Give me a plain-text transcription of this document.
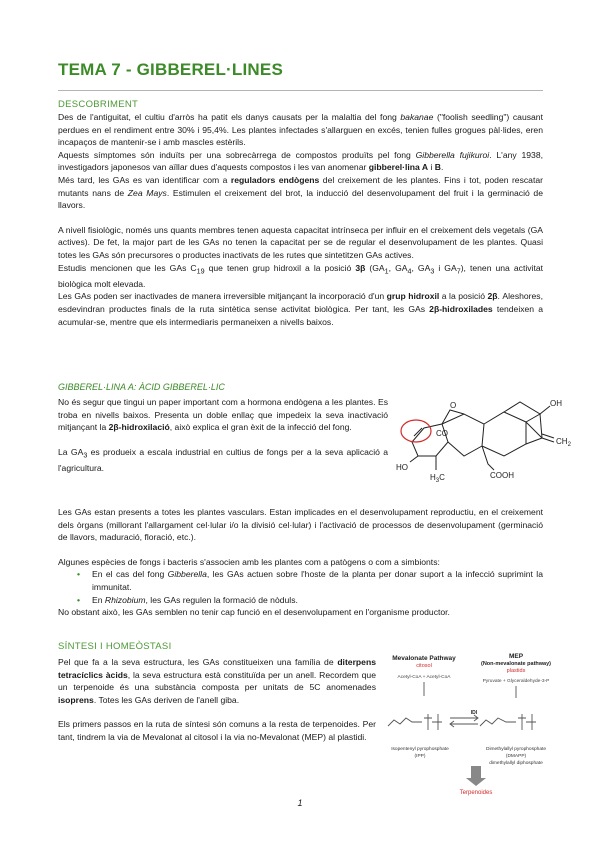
TEMA 7 - GIBBEREL·LINES
DESCOBRIMENT

Des de l'antiguitat, el cultiu d'arròs ha patit els danys causats per la malaltia del fong bakanae ("foolish seedling") causant perdues en el rendiment entre 30% i 95,4%. Les plantes infectades s'allarguen en excés, tenien fulles grogues pàl·lides, eren incapaços de mantenir-se i amb mascles estèrils.

Aquests símptomes són induïts per una sobrecàrrega de compostos produïts pel fong Gibberella fujikuroi. L'any 1938, investigadors japonesos van aïllar dues d'aquests compostos i les van anomenar gibberel·lina A i B.

Més tard, les GAs es van identificar com a reguladors endògens del creixement de les plantes. Fins i tot, poden rescatar mutants nans de Zea Mays. Estimulen el creixement del brot, la inducció del desenvolupament del fruit i la germinació de llavors.

A nivell fisiològic, només uns quants membres tenen aquesta capacitat intrínseca per influir en el creixement dels vegetals (GA actives). De fet, la major part de les GAs no tenen la capacitat per se de regular el desenvolupament de les plantes. Quasi totes les GAs són precursores o productes inactivats de les rutes que sintetitzen GAs actives.

Estudis mencionen que les GAs $C_{19}$ que tenen grup hidroxil a la posició 3β ($GA_1$, $GA_4$, $GA_3$ i $GA_7$), tenen una activitat biològica molt elevada.

Les GAs poden ser inactivades de manera irreversible mitjançant la incorporació d'un grup hidroxil a la posició 2β. Aleshores, esdevindran productes finals de la ruta sintètica sense activitat biològica. Per tant, les GAs 2β-hidroxilades tendeixen a acumular-se, mentre que els intermediaris permaneixen a nivells baixos.

GIBBEREL·LINA A: ÀCID GIBBEREL·LIC

No és segur que tingui un paper important com a hormona endògena a les plantes. Es troba en nivells baixos. Presenta un doble enllaç que impedeix la seva inactivació mitjançant la 2β-hidroxilació, això explica el gran èxit de la infecció del fong.

La $GA_3$ es produeix a escala industrial en cultius de fongs per a la seva aplicació a l'agricultura.

O
CO
OH
$CH_2$
HO
$H_3C$	COOH

Les GAs estan presents a totes les plantes vasculars. Estan implicades en el desenvolupament reproductiu, en el creixement dels òrgans (millorant l'allargament cel·lular i/o la divisió cel·lular) i l'activació de processos de desenvolupament (germinació de llavors, maduració, floració, etc.).

Algunes espècies de fongs i bacteris s'associen amb les plantes com a patògens o com a simbionts:

• En el cas del fong Gibberella, les GAs actuen sobre l'hoste de la planta per donar suport a la infecció suprimint la immunitat.
• En Rhizobium, les GAs regulen la formació de nòduls.

No obstant això, les GAs semblen no tenir cap funció en el desenvolupament en l'organisme productor.

SÍNTESI I HOMEÒSTASI

Pel que fa a la seva estructura, les GAs constitueixen una família de diterpens tetracíclics àcids, la seva estructura està constituïda per un anell. Recordem que un terpenoide és una substància composta per unitats de 5C anomenades isoprens. Totes les GAs deriven de l'anell giba.

Els primers passos en la ruta de síntesi són comuns a la resta de terpenoides. Per tant, tindrem la via de Mevalonat al citosol i la via no-Mevalonat (MEP) al plastidi.

Mevalonate Pathway
citosol
Acetyl-CoA + Acetyl-CoA
MEP
(Non-mevalonate pathway)
plastids
Pyruvate + Glyceraldehyde-3-P
IDI
Isopentenyl pyrophosphate
(IPP)
Dimethylallyl pyrophosphate
(DMAPP)
dimethylallyl diphosphate
Terpenoides
1
